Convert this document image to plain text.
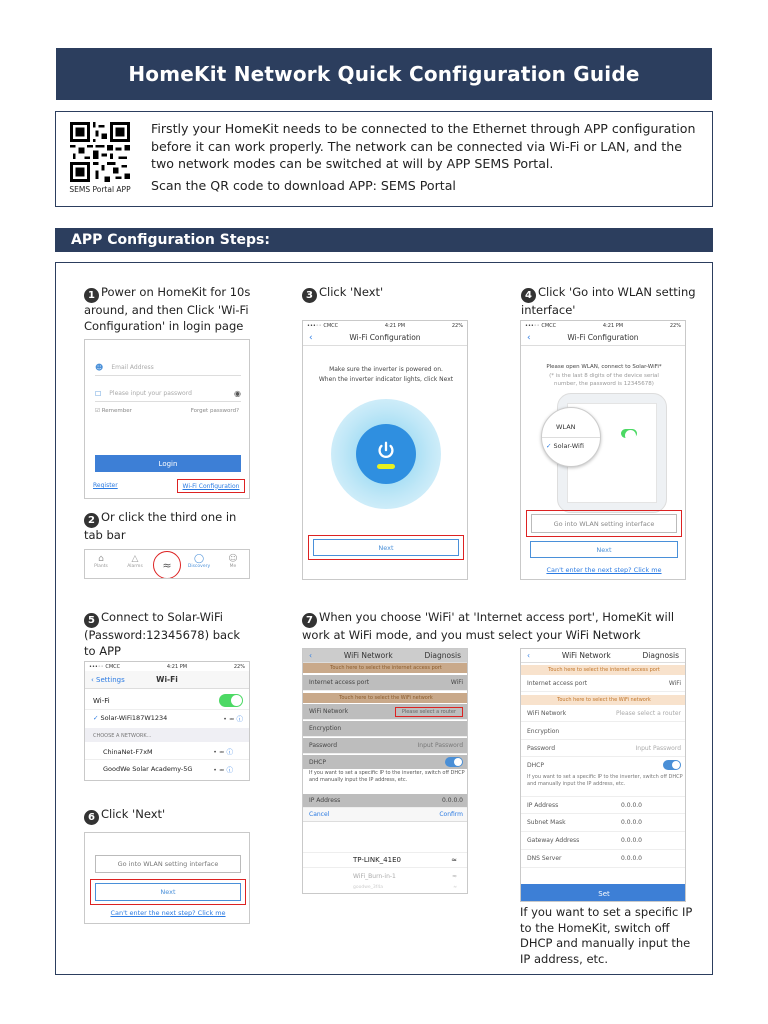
HomeKit Network Quick Configuration Guide
SEMS Portal APP

Firstly your HomeKit needs to be connected to the Ethernet through APP configuration before it can work properly. The network can be connected via Wi-Fi or LAN, and the two network modes can be switched at will by APP SEMS Portal.

Scan the QR code to download APP: SEMS Portal

APP Configuration Steps:
1 Power on HomeKit for 10s around, and then Click 'Wi-Fi Configuration' in login page
☻ Email Address
☐ Please input your password	◉
☑ Remember	Forget password?
Login
Register	Wi-Fi Configuration
2 Or click the third one in tab bar
⌂
Plants
△
Alarms	≈	◯
Discovery
☺
Me
3 Click 'Next'
•••◦◦ CMCC	4:21 PM	22%
‹	Wi-Fi Configuration
Make sure the inverter is powered on.
When the inverter indicator lights, click Next
Next
4 Click 'Go into WLAN setting interface'
•••◦◦ CMCC	4:21 PM	22%
‹	Wi-Fi Configuration
Please open WLAN, connect to Solar-WiFi*
(* is the last 8 digits of the device serial
number, the password is 12345678)
WLAN
✓ Solar-Wifi
Go into WLAN setting interface
Next
Can't enter the next step? Click me
5 Connect to Solar-WiFi (Password:12345678) back to APP
•••◦◦ CMCC	4:21 PM	22%
‹ Settings	Wi-Fi
Wi-Fi
✓ Solar-WiFi187W1234	• ≈ ⓘ
CHOOSE A NETWORK...
ChinaNet-F7xM	• ≈ ⓘ
GoodWe Solar Academy-5G	• ≈ ⓘ
6 Click 'Next'
Go into WLAN setting interface
Next
Can't enter the next step? Click me
7 When you choose 'WiFi' at 'Internet access port', HomeKit will work at WiFi mode, and you must select your WiFi Network
‹	WiFi Network	Diagnosis
Touch here to select the internet access port
Internet access port	WiFi
Touch here to select the WiFi network
WiFi Network	Please select a router
Encryption
Password	Input Password
DHCP
If you want to set a specific IP to the inverter, switch off DHCP and manually input the IP address, etc.
IP Address	0.0.0.0
Cancel	Confirm
TP-LINK_41E0	≈
WiFi_Burn-in-1	≈
goodwe_3f4a	≈
‹	WiFi Network	Diagnosis
Touch here to select the internet access port
Internet access port	WiFi
Touch here to select the WiFi network
WiFi Network	Please select a router
Encryption
Password	Input Password
DHCP
If you want to set a specific IP to the inverter, switch off DHCP and manually input the IP address, etc.
IP Address	0.0.0.0
Subnet Mask	0.0.0.0
Gateway Address	0.0.0.0
DNS Server	0.0.0.0
Set
If you want to set a specific IP to the HomeKit, switch off DHCP and manually input the IP address, etc.
